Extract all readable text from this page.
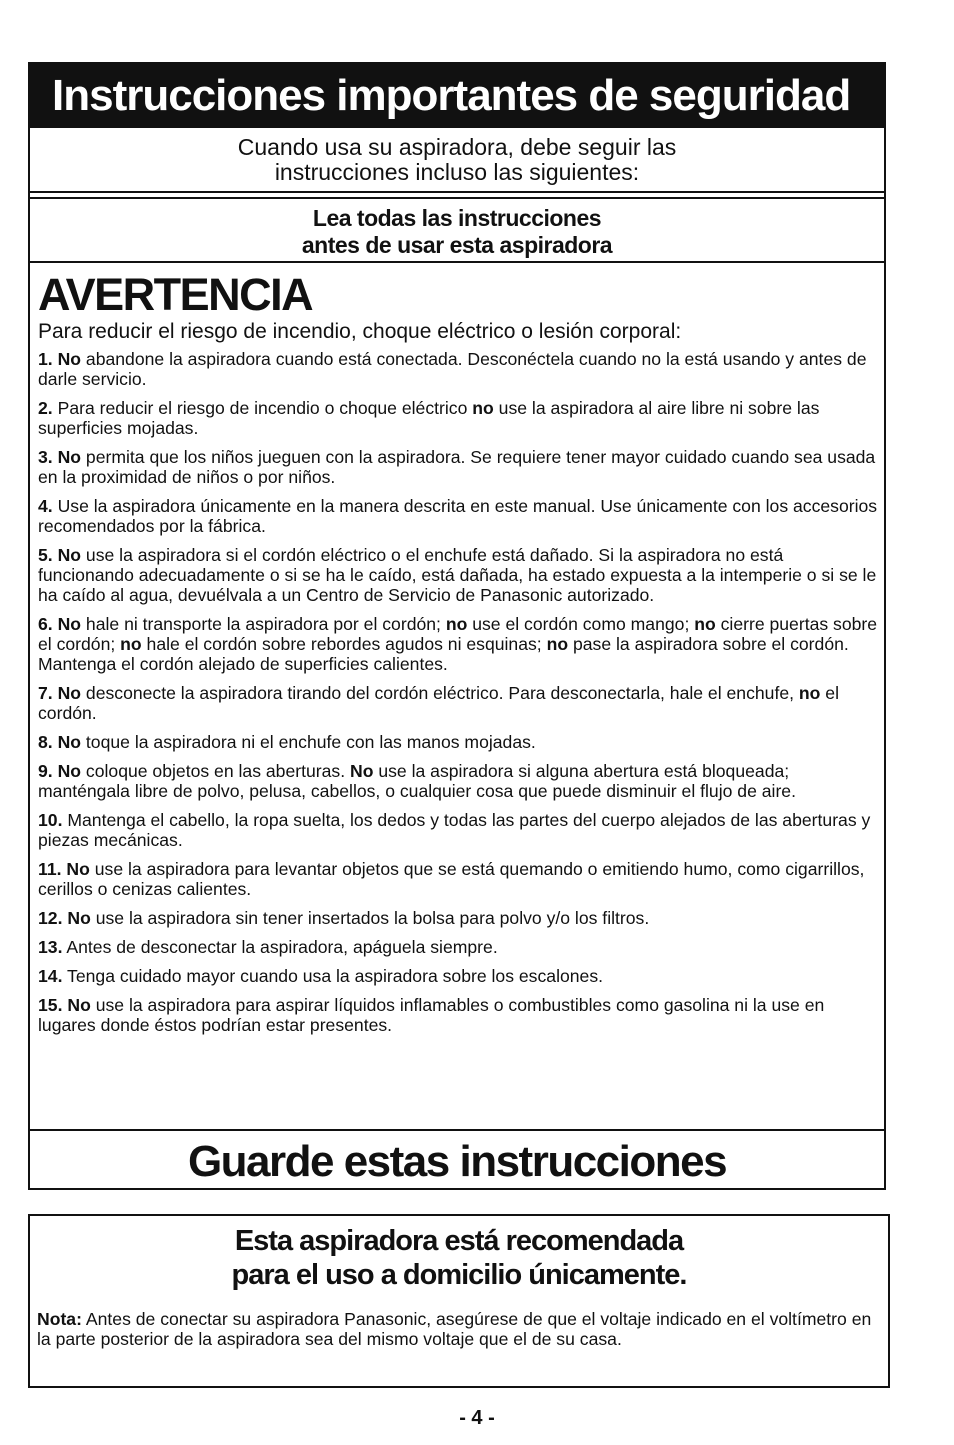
Instrucciones importantes de seguridad
Cuando usa su aspiradora, debe seguir las
instrucciones incluso las siguientes:
Lea todas las instrucciones
antes de usar esta aspiradora
AVERTENCIA
Para reducir el riesgo de incendio, choque eléctrico o lesión corporal:
1. No abandone la aspiradora cuando está conectada. Desconéctela cuando no la está usando y antes de darle servicio.
2. Para reducir el riesgo de incendio o choque eléctrico no use la aspiradora al aire libre ni sobre las superficies mojadas.
3. No permita que los niños jueguen con la aspiradora. Se requiere tener mayor cuidado cuando sea usada en la proximidad de niños o por niños.
4. Use la aspiradora únicamente en la manera descrita en este manual. Use únicamente con los accesorios recomendados por la fábrica.
5. No use la aspiradora si el cordón eléctrico o el enchufe está dañado. Si la aspiradora no está funcionando adecuadamente o si se ha le caído, está dañada, ha estado expuesta a la intemperie o si se le ha caído al agua, devuélvala a un Centro de Servicio de Panasonic autorizado.
6. No hale ni transporte la aspiradora por el cordón; no use el cordón como mango; no cierre puertas sobre el cordón; no hale el cordón sobre rebordes agudos ni esquinas; no pase la aspiradora sobre el cordón. Mantenga el cordón alejado de superficies calientes.
7. No desconecte la aspiradora tirando del cordón eléctrico. Para desconectarla, hale el enchufe, no el cordón.
8. No toque la aspiradora ni el enchufe con las manos mojadas.
9. No coloque objetos en las aberturas. No use la aspiradora si alguna abertura está bloqueada; manténgala libre de polvo, pelusa, cabellos, o cualquier cosa que puede disminuir el flujo de aire.
10. Mantenga el cabello, la ropa suelta, los dedos y todas las partes del cuerpo alejados de las aberturas y piezas mecánicas.
11. No use la aspiradora para levantar objetos que se está quemando o emitiendo humo, como cigarrillos, cerillos o cenizas calientes.
12. No use la aspiradora sin tener insertados la bolsa para polvo y/o los filtros.
13. Antes de desconectar la aspiradora, apáguela siempre.
14. Tenga cuidado mayor cuando usa la aspiradora sobre los escalones.
15. No use la aspiradora para aspirar líquidos inflamables o combustibles como gasolina ni la use en lugares donde éstos podrían estar presentes.
Guarde estas instrucciones
Esta aspiradora está recomendada
para el uso a domicilio únicamente.
Nota: Antes de conectar su aspiradora Panasonic, asegúrese de que el voltaje indicado en el voltímetro en la parte posterior de la aspiradora sea del mismo voltaje que el de su casa.
- 4 -
